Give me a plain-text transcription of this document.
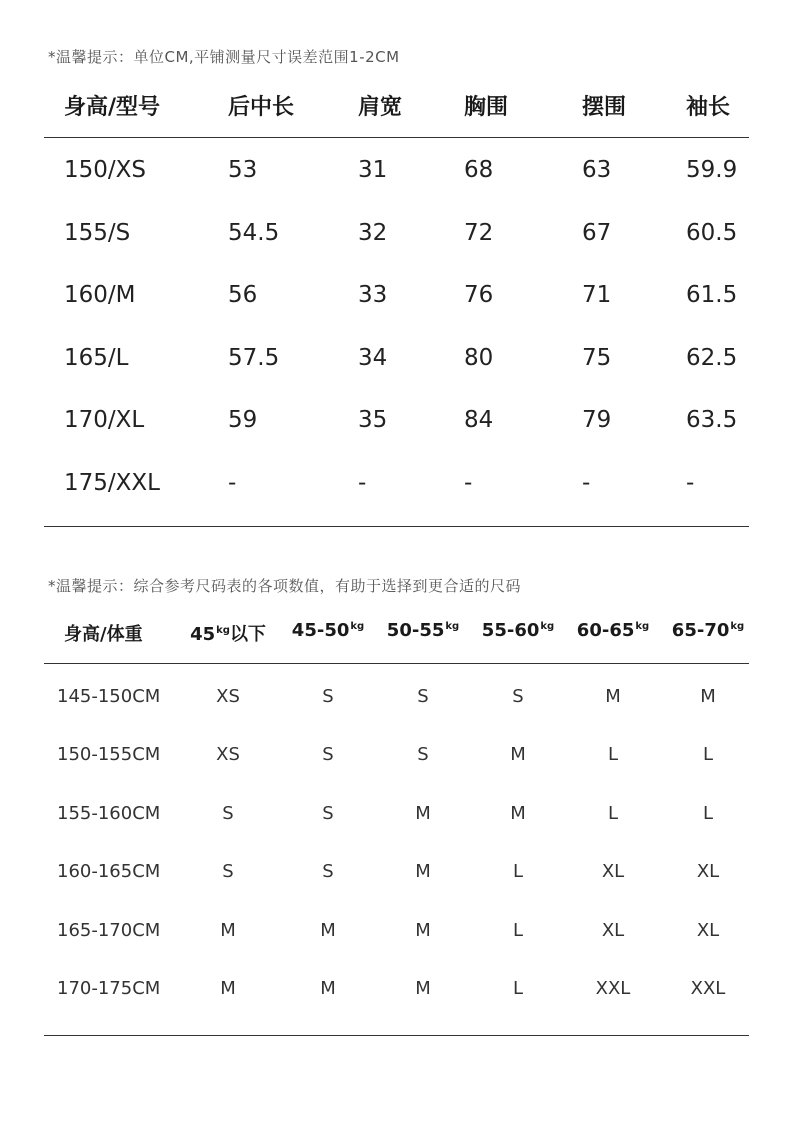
*温馨提示：单位CM,平铺测量尺寸误差范围1-2CM
身高/型号	后中长	肩宽	胸围	摆围	袖长
150/XS	53	31	68	63	59.9
155/S	54.5	32	72	67	60.5
160/M	56	33	76	71	61.5
165/L	57.5	34	80	75	62.5
170/XL	59	35	84	79	63.5
175/XXL	-	-	-	-	-
*温馨提示：综合参考尺码表的各项数值，有助于选择到更合适的尺码
身高/体重	$45^{kg}$以下	$45-50^{kg}$	$50-55^{kg}$	$55-60^{kg}$	$60-65^{kg}$	$65-70^{kg}$
145-150CM	XS	S	S	S	M	M
150-155CM	XS	S	S	M	L	L
155-160CM	S	S	M	M	L	L
160-165CM	S	S	M	L	XL	XL
165-170CM	M	M	M	L	XL	XL
170-175CM	M	M	M	L	XXL	XXL
